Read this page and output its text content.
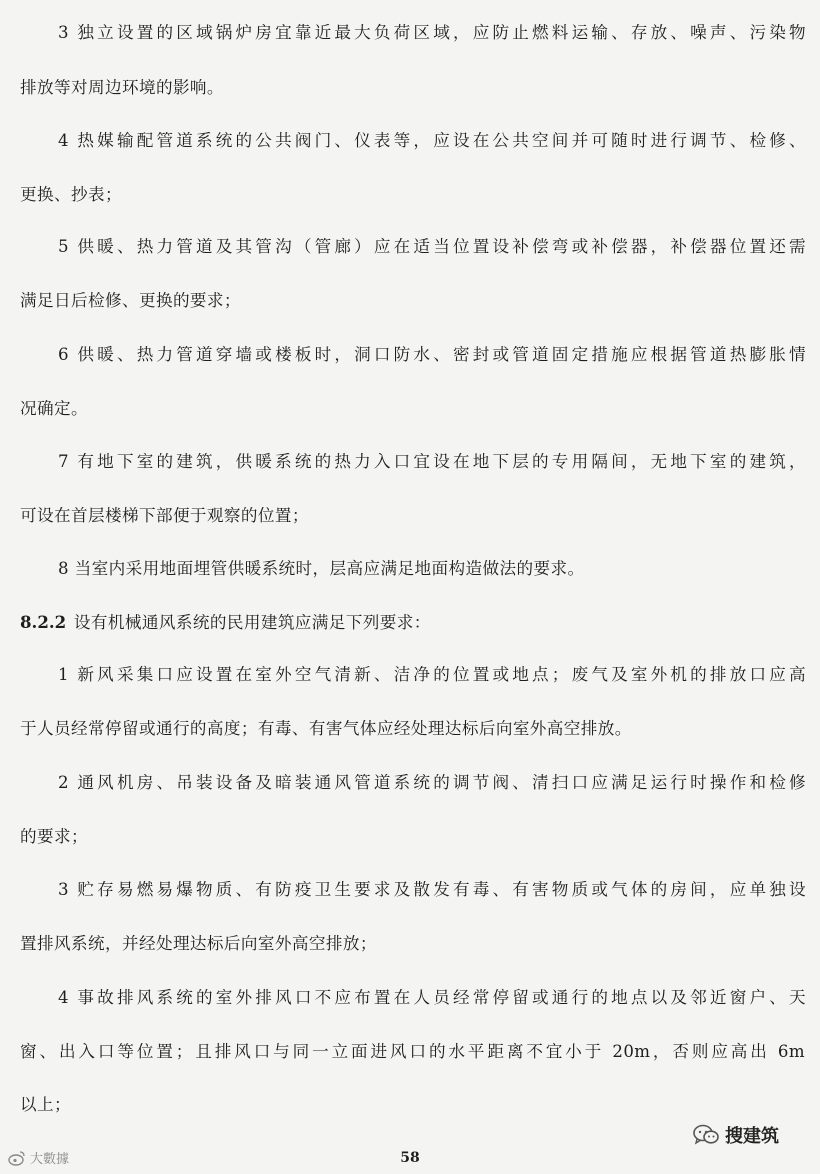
3 独立设置的区域锅炉房宜靠近最大负荷区域，应防止燃料运输、存放、噪声、污染物
排放等对周边环境的影响。
4 热媒输配管道系统的公共阀门、仪表等，应设在公共空间并可随时进行调节、检修、
更换、抄表；
5 供暖、热力管道及其管沟（管廊）应在适当位置设补偿弯或补偿器，补偿器位置还需
满足日后检修、更换的要求；
6 供暖、热力管道穿墙或楼板时，洞口防水、密封或管道固定措施应根据管道热膨胀情
况确定。
7 有地下室的建筑，供暖系统的热力入口宜设在地下层的专用隔间，无地下室的建筑，
可设在首层楼梯下部便于观察的位置；
8 当室内采用地面埋管供暖系统时，层高应满足地面构造做法的要求。
8.2.2 设有机械通风系统的民用建筑应满足下列要求：
1 新风采集口应设置在室外空气清新、洁净的位置或地点；废气及室外机的排放口应高
于人员经常停留或通行的高度；有毒、有害气体应经处理达标后向室外高空排放。
2 通风机房、吊装设备及暗装通风管道系统的调节阀、清扫口应满足运行时操作和检修
的要求；
3 贮存易燃易爆物质、有防疫卫生要求及散发有毒、有害物质或气体的房间，应单独设
置排风系统，并经处理达标后向室外高空排放；
4 事故排风系统的室外排风口不应布置在人员经常停留或通行的地点以及邻近窗户、天
窗、出入口等位置；且排风口与同一立面进风口的水平距离不宜小于 20m，否则应高出 6m
以上；
58
大數據
搜建筑
